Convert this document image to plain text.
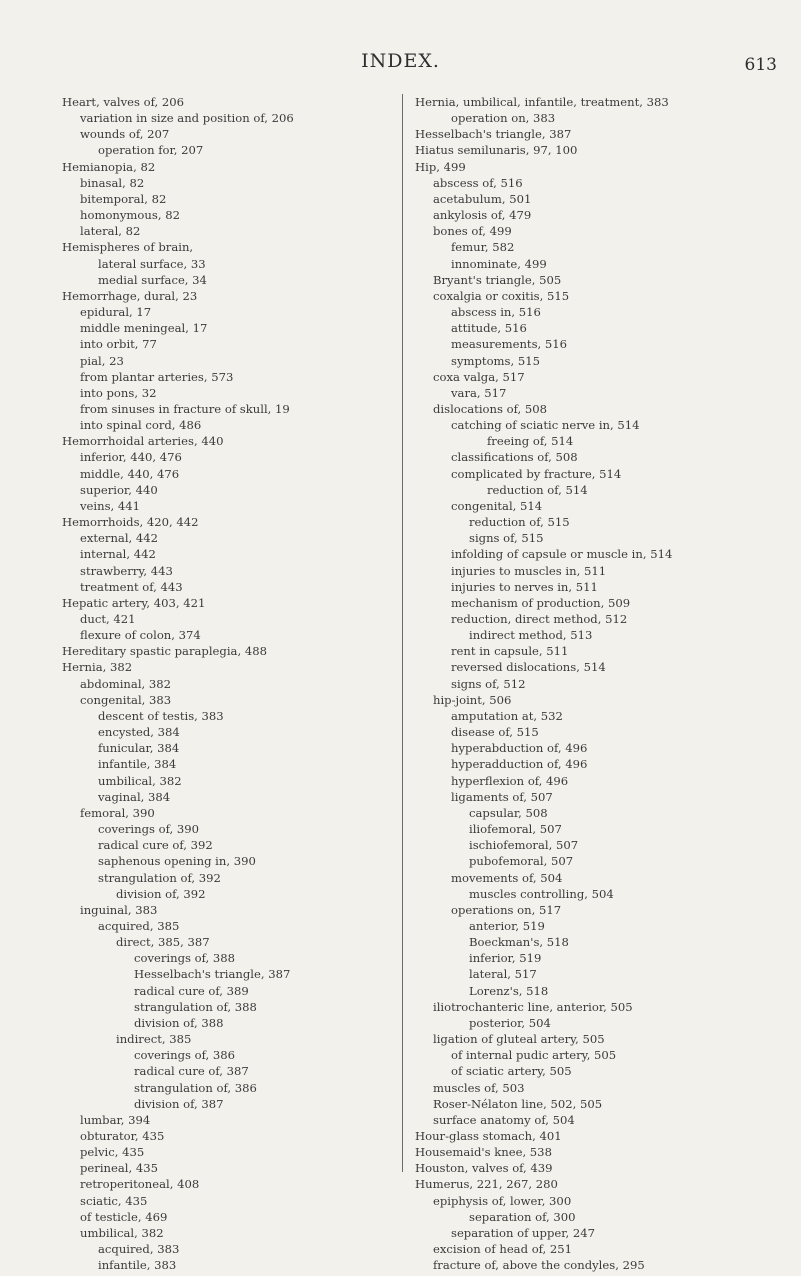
INDEX.	613
Heart, valves of, 206
variation in size and position of, 206
wounds of, 207
operation for, 207
Hemianopia, 82
binasal, 82
bitemporal, 82
homonymous, 82
lateral, 82
Hemispheres of brain,
lateral surface, 33
medial surface, 34
Hemorrhage, dural, 23
epidural, 17
middle meningeal, 17
into orbit, 77
pial, 23
from plantar arteries, 573
into pons, 32
from sinuses in fracture of skull, 19
into spinal cord, 486
Hemorrhoidal arteries, 440
inferior, 440, 476
middle, 440, 476
superior, 440
veins, 441
Hemorrhoids, 420, 442
external, 442
internal, 442
strawberry, 443
treatment of, 443
Hepatic artery, 403, 421
duct, 421
flexure of colon, 374
Hereditary spastic paraplegia, 488
Hernia, 382
abdominal, 382
congenital, 383
descent of testis, 383
encysted, 384
funicular, 384
infantile, 384
umbilical, 382
vaginal, 384
femoral, 390
coverings of, 390
radical cure of, 392
saphenous opening in, 390
strangulation of, 392
division of, 392
inguinal, 383
acquired, 385
direct, 385, 387
coverings of, 388
Hesselbach's triangle, 387
radical cure of, 389
strangulation of, 388
division of, 388
indirect, 385
coverings of, 386
radical cure of, 387
strangulation of, 386
division of, 387
lumbar, 394
obturator, 435
pelvic, 435
perineal, 435
retroperitoneal, 408
sciatic, 435
of testicle, 469
umbilical, 382
acquired, 383
infantile, 383
Hernia, umbilical, infantile, treatment, 383
operation on, 383
Hesselbach's triangle, 387
Hiatus semilunaris, 97, 100
Hip, 499
abscess of, 516
acetabulum, 501
ankylosis of, 479
bones of, 499
femur, 582
innominate, 499
Bryant's triangle, 505
coxalgia or coxitis, 515
abscess in, 516
attitude, 516
measurements, 516
symptoms, 515
coxa valga, 517
vara, 517
dislocations of, 508
catching of sciatic nerve in, 514
freeing of, 514
classifications of, 508
complicated by fracture, 514
reduction of, 514
congenital, 514
reduction of, 515
signs of, 515
infolding of capsule or muscle in, 514
injuries to muscles in, 511
injuries to nerves in, 511
mechanism of production, 509
reduction, direct method, 512
indirect method, 513
rent in capsule, 511
reversed dislocations, 514
signs of, 512
hip-joint, 506
amputation at, 532
disease of, 515
hyperabduction of, 496
hyperadduction of, 496
hyperflexion of, 496
ligaments of, 507
capsular, 508
iliofemoral, 507
ischiofemoral, 507
pubofemoral, 507
movements of, 504
muscles controlling, 504
operations on, 517
anterior, 519
Boeckman's, 518
inferior, 519
lateral, 517
Lorenz's, 518
iliotrochanteric line, anterior, 505
posterior, 504
ligation of gluteal artery, 505
of internal pudic artery, 505
of sciatic artery, 505
muscles of, 503
Roser-Nélaton line, 502, 505
surface anatomy of, 504
Hour-glass stomach, 401
Housemaid's knee, 538
Houston, valves of, 439
Humerus, 221, 267, 280
epiphysis of, lower, 300
separation of, 300
separation of upper, 247
excision of head of, 251
fracture of, above the condyles, 295
